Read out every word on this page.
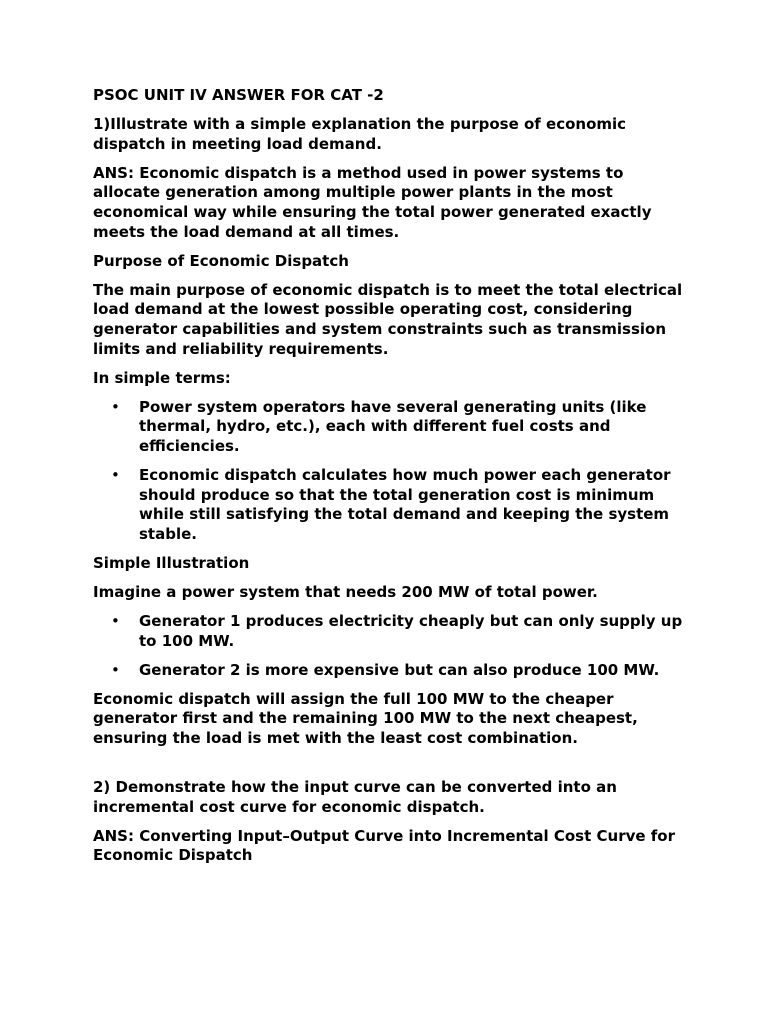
PSOC UNIT IV ANSWER FOR CAT -2

1)Illustrate with a simple explanation the purpose of economic dispatch in meeting load demand.

ANS: Economic dispatch is a method used in power systems to allocate generation among multiple power plants in the most economical way while ensuring the total power generated exactly meets the load demand at all times.

Purpose of Economic Dispatch

The main purpose of economic dispatch is to meet the total electrical load demand at the lowest possible operating cost, considering generator capabilities and system constraints such as transmission limits and reliability requirements.

In simple terms:

• Power system operators have several generating units (like thermal, hydro, etc.), each with different fuel costs and efficiencies.
• Economic dispatch calculates how much power each generator should produce so that the total generation cost is minimum while still satisfying the total demand and keeping the system stable.

Simple Illustration

Imagine a power system that needs 200 MW of total power.

• Generator 1 produces electricity cheaply but can only supply up to 100 MW.
• Generator 2 is more expensive but can also produce 100 MW.

Economic dispatch will assign the full 100 MW to the cheaper generator first and the remaining 100 MW to the next cheapest, ensuring the load is met with the least cost combination.

2) Demonstrate how the input curve can be converted into an incremental cost curve for economic dispatch.

ANS: Converting Input–Output Curve into Incremental Cost Curve for Economic Dispatch
